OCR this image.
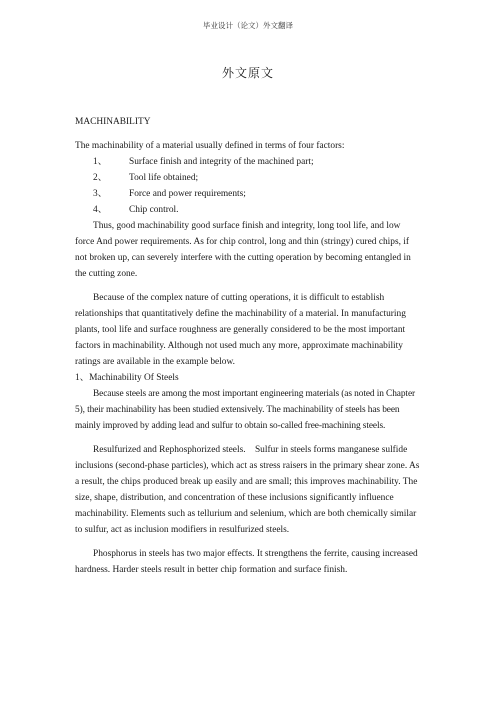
毕业设计（论文）外文翻译
外文原文

MACHINABILITY

The machinability of a material usually defined in terms of four factors:

1、 Surface finish and integrity of the machined part;
2、 Tool life obtained;
3、 Force and power requirements;
4、 Chip control.

Thus, good machinability good surface finish and integrity, long tool life, and low force And power requirements. As for chip control, long and thin (stringy) cured chips, if not broken up, can severely interfere with the cutting operation by becoming entangled in the cutting zone.

Because of the complex nature of cutting operations, it is difficult to establish relationships that quantitatively define the machinability of a material. In manufacturing plants, tool life and surface roughness are generally considered to be the most important factors in machinability. Although not used much any more, approximate machinability ratings are available in the example below.

1、Machinability Of Steels

Because steels are among the most important engineering materials (as noted in Chapter 5), their machinability has been studied extensively. The machinability of steels has been mainly improved by adding lead and sulfur to obtain so-called free-machining steels.

Resulfurized and Rephosphorized steels.    Sulfur in steels forms manganese sulfide inclusions (second-phase particles), which act as stress raisers in the primary shear zone. As a result, the chips produced break up easily and are small; this improves machinability. The size, shape, distribution, and concentration of these inclusions significantly influence machinability. Elements such as tellurium and selenium, which are both chemically similar to sulfur, act as inclusion modifiers in resulfurized steels.

Phosphorus in steels has two major effects. It strengthens the ferrite, causing increased hardness. Harder steels result in better chip formation and surface finish.
